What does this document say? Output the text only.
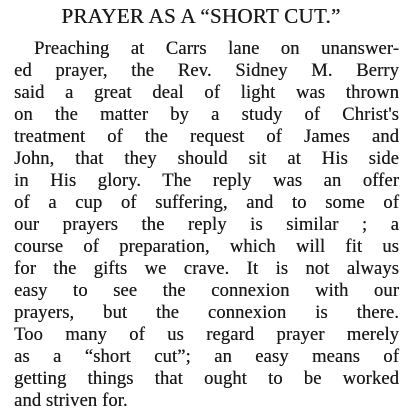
PRAYER AS A “SHORT CUT.”
Preaching at Carrs lane on unanswer-
ed prayer, the Rev. Sidney M. Berry
said a great deal of light was thrown
on the matter by a study of Christ's
treatment of the request of James and
John, that they should sit at His side
in His glory. The reply was an offer
of a cup of suffering, and to some of
our prayers the reply is similar ; a
course of preparation, which will fit us
for the gifts we crave. It is not always
easy to see the connexion with our
prayers, but the connexion is there.
Too many of us regard prayer merely
as a “short cut”; an easy means of
getting things that ought to be worked
and striven for.
